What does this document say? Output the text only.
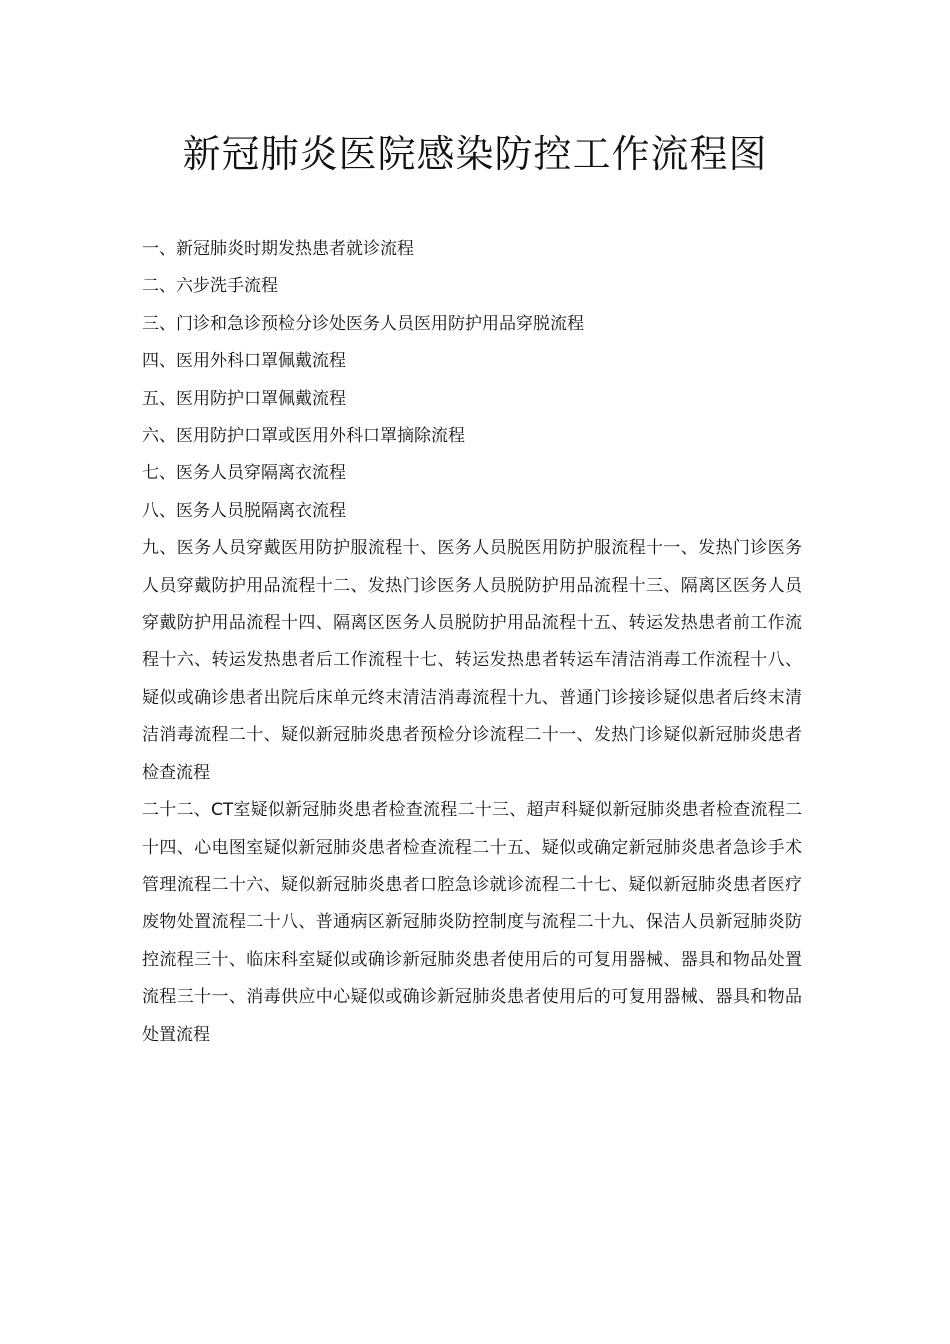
新冠肺炎医院感染防控工作流程图
一、新冠肺炎时期发热患者就诊流程
二、六步洗手流程
三、门诊和急诊预检分诊处医务人员医用防护用品穿脱流程
四、医用外科口罩佩戴流程
五、医用防护口罩佩戴流程
六、医用防护口罩或医用外科口罩摘除流程
七、医务人员穿隔离衣流程
八、医务人员脱隔离衣流程
九、医务人员穿戴医用防护服流程十、医务人员脱医用防护服流程十一、发热门诊医务人员穿戴防护用品流程十二、发热门诊医务人员脱防护用品流程十三、隔离区医务人员穿戴防护用品流程十四、隔离区医务人员脱防护用品流程十五、转运发热患者前工作流程十六、转运发热患者后工作流程十七、转运发热患者转运车清洁消毒工作流程十八、疑似或确诊患者出院后床单元终末清洁消毒流程十九、普通门诊接诊疑似患者后终末清洁消毒流程二十、疑似新冠肺炎患者预检分诊流程二十一、发热门诊疑似新冠肺炎患者检查流程
二十二、CT室疑似新冠肺炎患者检查流程二十三、超声科疑似新冠肺炎患者检查流程二十四、心电图室疑似新冠肺炎患者检查流程二十五、疑似或确定新冠肺炎患者急诊手术管理流程二十六、疑似新冠肺炎患者口腔急诊就诊流程二十七、疑似新冠肺炎患者医疗废物处置流程二十八、普通病区新冠肺炎防控制度与流程二十九、保洁人员新冠肺炎防控流程三十、临床科室疑似或确诊新冠肺炎患者使用后的可复用器械、器具和物品处置流程三十一、消毒供应中心疑似或确诊新冠肺炎患者使用后的可复用器械、器具和物品处置流程
